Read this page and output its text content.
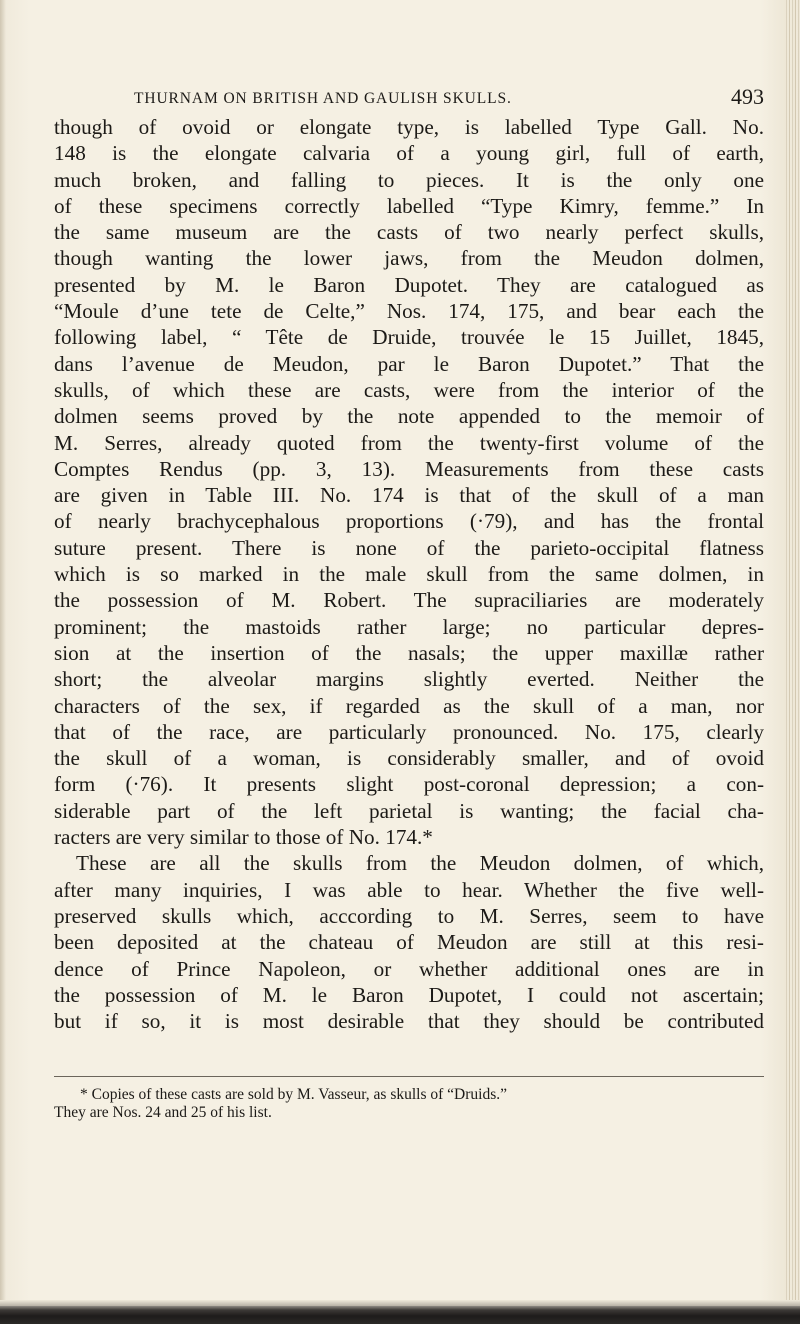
THURNAM ON BRITISH AND GAULISH SKULLS.	493
though of ovoid or elongate type, is labelled Type Gall. No.
148 is the elongate calvaria of a young girl, full of earth,
much broken, and falling to pieces. It is the only one
of these specimens correctly labelled “Type Kimry, femme.” In
the same museum are the casts of two nearly perfect skulls,
though wanting the lower jaws, from the Meudon dolmen,
presented by M. le Baron Dupotet. They are catalogued as
“Moule d’une tete de Celte,” Nos. 174, 175, and bear each the
following label, “ Tête de Druide, trouvée le 15 Juillet, 1845,
dans l’avenue de Meudon, par le Baron Dupotet.” That the
skulls, of which these are casts, were from the interior of the
dolmen seems proved by the note appended to the memoir of
M. Serres, already quoted from the twenty-first volume of the
Comptes Rendus (pp. 3, 13). Measurements from these casts
are given in Table III. No. 174 is that of the skull of a man
of nearly brachycephalous proportions (·79), and has the frontal
suture present. There is none of the parieto-occipital flatness
which is so marked in the male skull from the same dolmen, in
the possession of M. Robert. The supraciliaries are moderately
prominent; the mastoids rather large; no particular depres-
sion at the insertion of the nasals; the upper maxillæ rather
short; the alveolar margins slightly everted. Neither the
characters of the sex, if regarded as the skull of a man, nor
that of the race, are particularly pronounced. No. 175, clearly
the skull of a woman, is considerably smaller, and of ovoid
form (·76). It presents slight post-coronal depression; a con-
siderable part of the left parietal is wanting; the facial cha-
racters are very similar to those of No. 174.*
These are all the skulls from the Meudon dolmen, of which,
after many inquiries, I was able to hear. Whether the five well-
preserved skulls which, acccording to M. Serres, seem to have
been deposited at the chateau of Meudon are still at this resi-
dence of Prince Napoleon, or whether additional ones are in
the possession of M. le Baron Dupotet, I could not ascertain;
but if so, it is most desirable that they should be contributed
* Copies of these casts are sold by M. Vasseur, as skulls of “Druids.”
They are Nos. 24 and 25 of his list.
